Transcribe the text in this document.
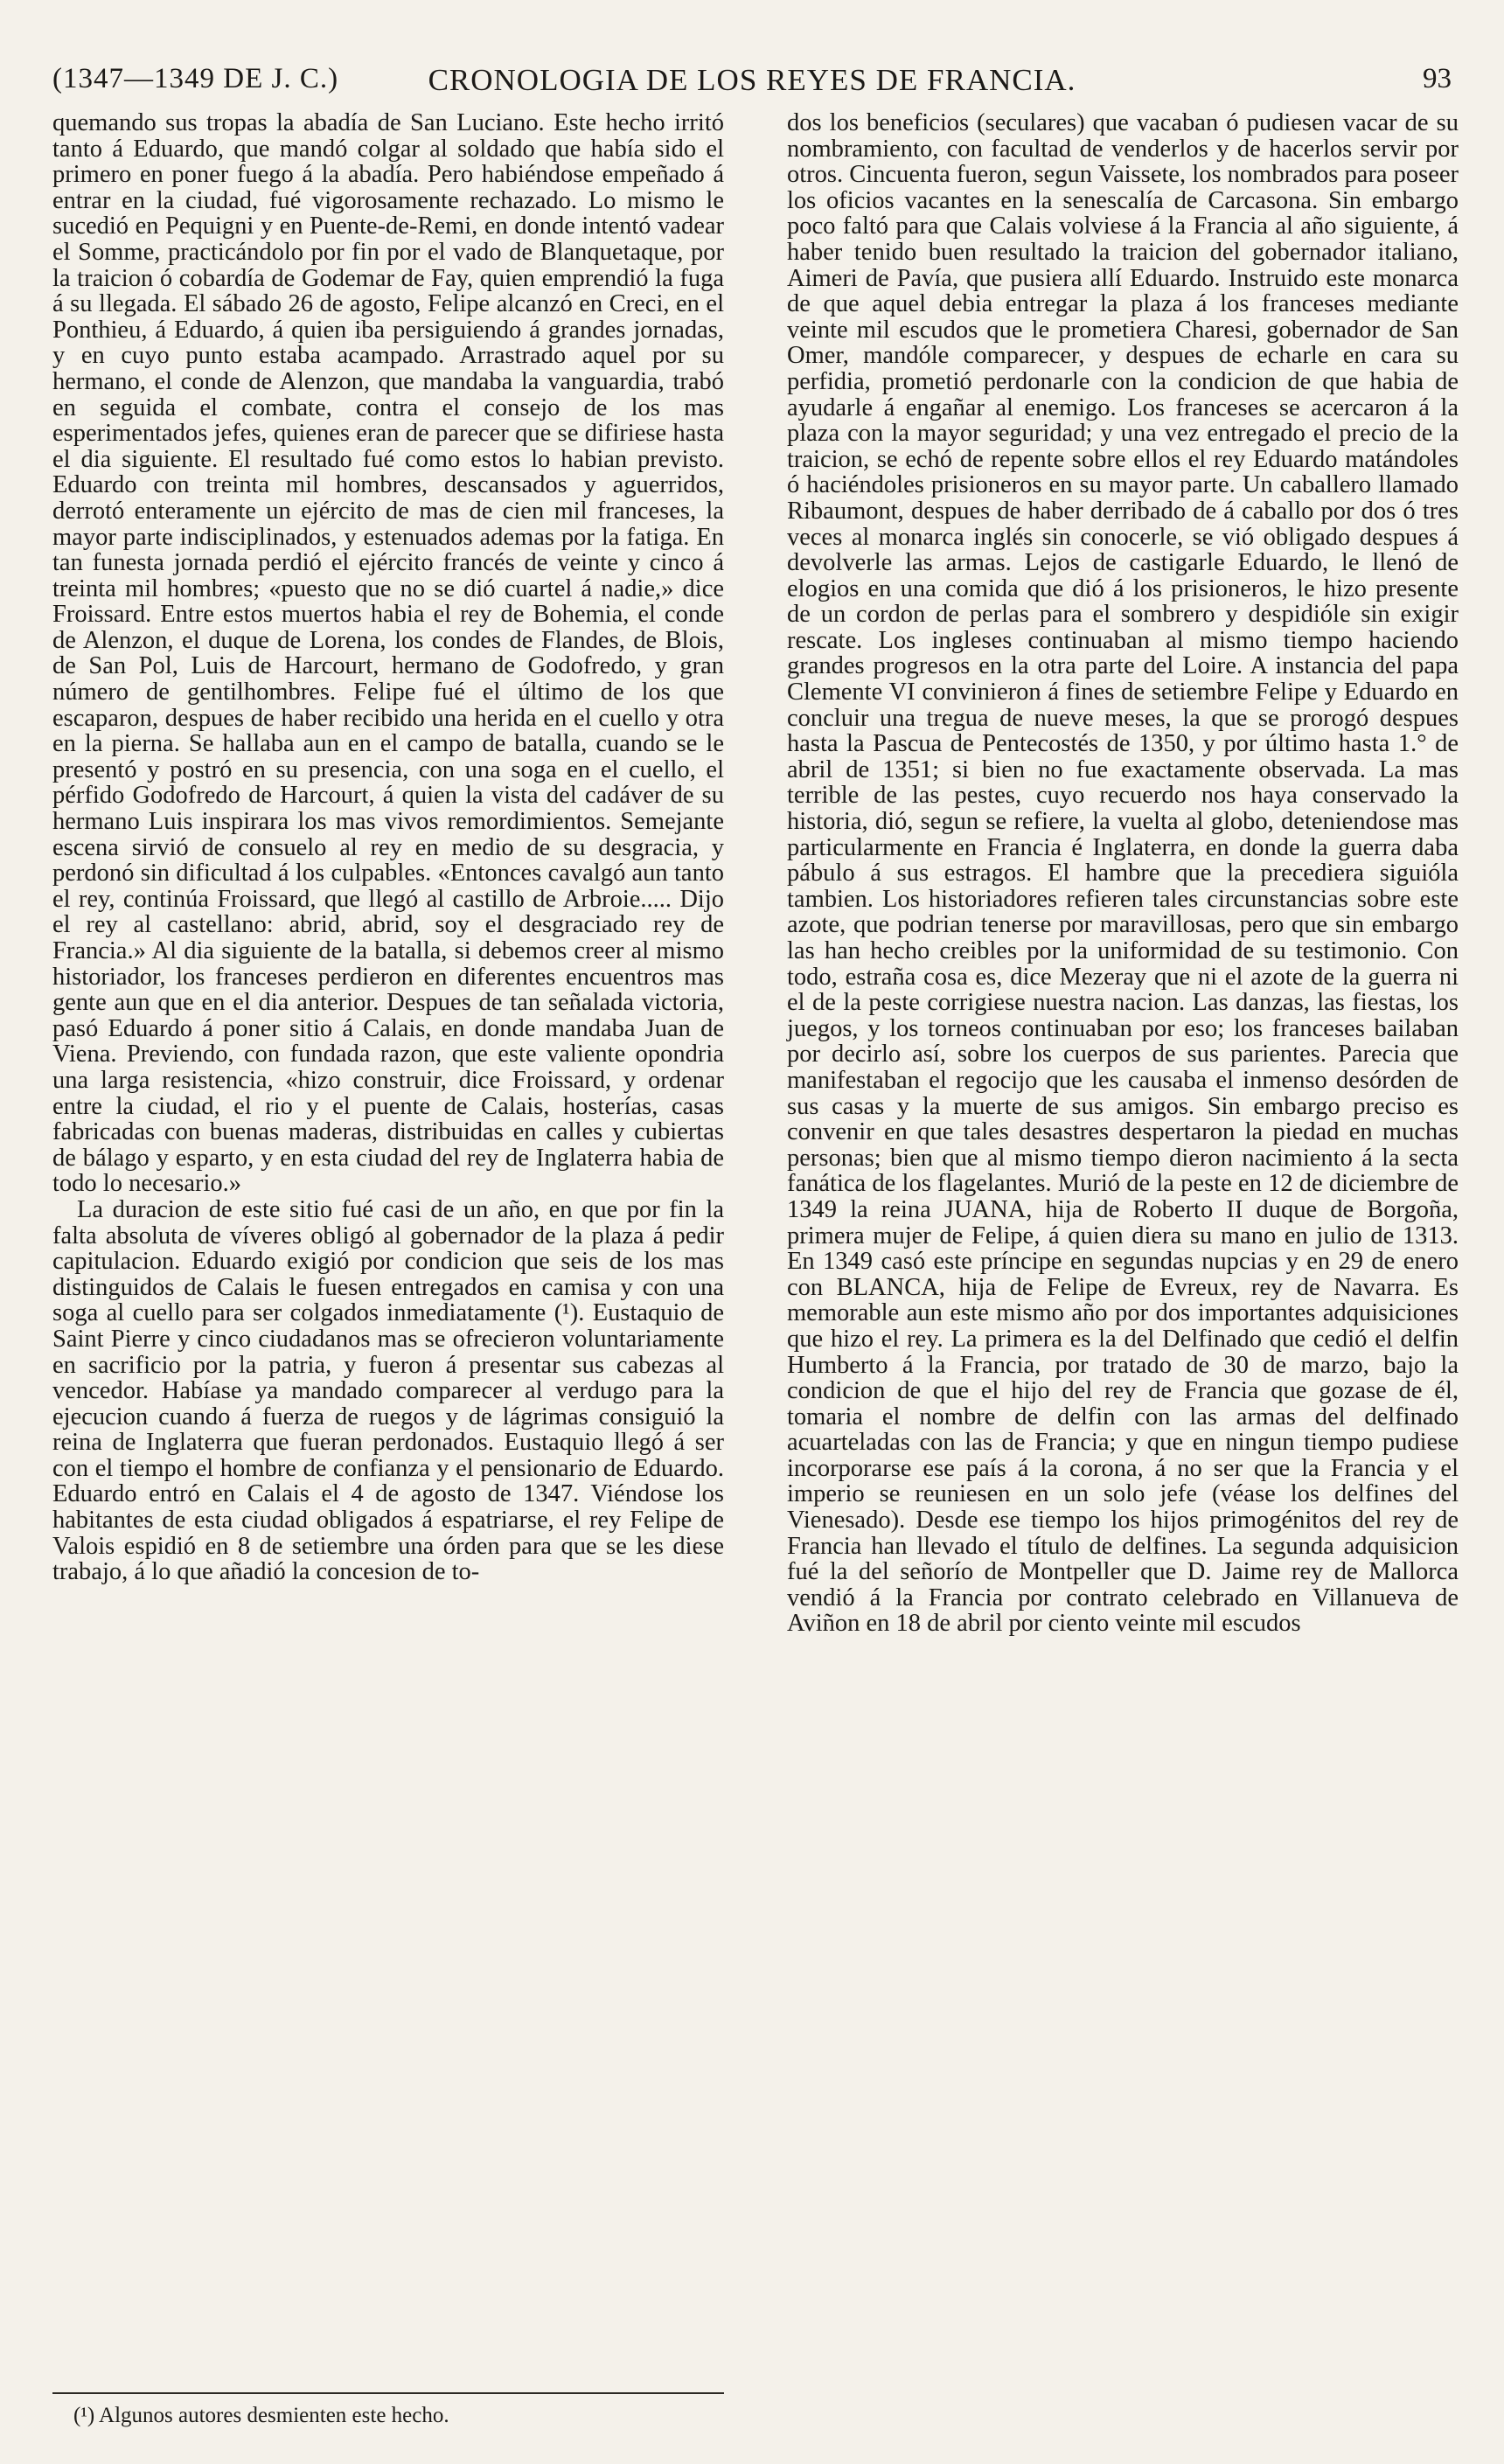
(1347—1349 DE J. C.)	CRONOLOGIA DE LOS REYES DE FRANCIA.	93

quemando sus tropas la abadía de San Luciano. Este hecho irritó tanto á Eduardo, que mandó colgar al soldado que había sido el primero en poner fuego á la abadía. Pero habiéndose empeñado á entrar en la ciudad, fué vigorosamente rechazado. Lo mismo le sucedió en Pequigni y en Puente-de-Remi, en donde intentó vadear el Somme, practicándolo por fin por el vado de Blanquetaque, por la traicion ó cobardía de Godemar de Fay, quien emprendió la fuga á su llegada. El sábado 26 de agosto, Felipe alcanzó en Creci, en el Ponthieu, á Eduardo, á quien iba persiguiendo á grandes jornadas, y en cuyo punto estaba acampado. Arrastrado aquel por su hermano, el conde de Alenzon, que mandaba la vanguardia, trabó en seguida el combate, contra el consejo de los mas esperimentados jefes, quienes eran de parecer que se difiriese hasta el dia siguiente. El resultado fué como estos lo habian previsto. Eduardo con treinta mil hombres, descansados y aguerridos, derrotó enteramente un ejército de mas de cien mil franceses, la mayor parte indisciplinados, y estenuados ademas por la fatiga. En tan funesta jornada perdió el ejército francés de veinte y cinco á treinta mil hombres; «puesto que no se dió cuartel á nadie,» dice Froissard. Entre estos muertos habia el rey de Bohemia, el conde de Alenzon, el duque de Lorena, los condes de Flandes, de Blois, de San Pol, Luis de Harcourt, hermano de Godofredo, y gran número de gentilhombres. Felipe fué el último de los que escaparon, despues de haber recibido una herida en el cuello y otra en la pierna. Se hallaba aun en el campo de batalla, cuando se le presentó y postró en su presencia, con una soga en el cuello, el pérfido Godofredo de Harcourt, á quien la vista del cadáver de su hermano Luis inspirara los mas vivos remordimientos. Semejante escena sirvió de consuelo al rey en medio de su desgracia, y perdonó sin dificultad á los culpables. «Entonces cavalgó aun tanto el rey, continúa Froissard, que llegó al castillo de Arbroie..... Dijo el rey al castellano: abrid, abrid, soy el desgraciado rey de Francia.» Al dia siguiente de la batalla, si debemos creer al mismo historiador, los franceses perdieron en diferentes encuentros mas gente aun que en el dia anterior. Despues de tan señalada victoria, pasó Eduardo á poner sitio á Calais, en donde mandaba Juan de Viena. Previendo, con fundada razon, que este valiente opondria una larga resistencia, «hizo construir, dice Froissard, y ordenar entre la ciudad, el rio y el puente de Calais, hosterías, casas fabricadas con buenas maderas, distribuidas en calles y cubiertas de bálago y esparto, y en esta ciudad del rey de Inglaterra habia de todo lo necesario.»

La duracion de este sitio fué casi de un año, en que por fin la falta absoluta de víveres obligó al gobernador de la plaza á pedir capitulacion. Eduardo exigió por condicion que seis de los mas distinguidos de Calais le fuesen entregados en camisa y con una soga al cuello para ser colgados inmediatamente (¹). Eustaquio de Saint Pierre y cinco ciudadanos mas se ofrecieron voluntariamente en sacrificio por la patria, y fueron á presentar sus cabezas al vencedor. Habíase ya mandado comparecer al verdugo para la ejecucion cuando á fuerza de ruegos y de lágrimas consiguió la reina de Inglaterra que fueran perdonados. Eustaquio llegó á ser con el tiempo el hombre de confianza y el pensionario de Eduardo. Eduardo entró en Calais el 4 de agosto de 1347. Viéndose los habitantes de esta ciudad obligados á espatriarse, el rey Felipe de Valois espidió en 8 de setiembre una órden para que se les diese trabajo, á lo que añadió la concesion de to-

dos los beneficios (seculares) que vacaban ó pudiesen vacar de su nombramiento, con facultad de venderlos y de hacerlos servir por otros. Cincuenta fueron, segun Vaissete, los nombrados para poseer los oficios vacantes en la senescalía de Carcasona. Sin embargo poco faltó para que Calais volviese á la Francia al año siguiente, á haber tenido buen resultado la traicion del gobernador italiano, Aimeri de Pavía, que pusiera allí Eduardo. Instruido este monarca de que aquel debia entregar la plaza á los franceses mediante veinte mil escudos que le prometiera Charesi, gobernador de San Omer, mandóle comparecer, y despues de echarle en cara su perfidia, prometió perdonarle con la condicion de que habia de ayudarle á engañar al enemigo. Los franceses se acercaron á la plaza con la mayor seguridad; y una vez entregado el precio de la traicion, se echó de repente sobre ellos el rey Eduardo matándoles ó haciéndoles prisioneros en su mayor parte. Un caballero llamado Ribaumont, despues de haber derribado de á caballo por dos ó tres veces al monarca inglés sin conocerle, se vió obligado despues á devolverle las armas. Lejos de castigarle Eduardo, le llenó de elogios en una comida que dió á los prisioneros, le hizo presente de un cordon de perlas para el sombrero y despidióle sin exigir rescate. Los ingleses continuaban al mismo tiempo haciendo grandes progresos en la otra parte del Loire. A instancia del papa Clemente VI convinieron á fines de setiembre Felipe y Eduardo en concluir una tregua de nueve meses, la que se prorogó despues hasta la Pascua de Pentecostés de 1350, y por último hasta 1.° de abril de 1351; si bien no fue exactamente observada. La mas terrible de las pestes, cuyo recuerdo nos haya conservado la historia, dió, segun se refiere, la vuelta al globo, deteniendose mas particularmente en Francia é Inglaterra, en donde la guerra daba pábulo á sus estragos. El hambre que la precediera siguióla tambien. Los historiadores refieren tales circunstancias sobre este azote, que podrian tenerse por maravillosas, pero que sin embargo las han hecho creibles por la uniformidad de su testimonio. Con todo, estraña cosa es, dice Mezeray que ni el azote de la guerra ni el de la peste corrigiese nuestra nacion. Las danzas, las fiestas, los juegos, y los torneos continuaban por eso; los franceses bailaban por decirlo así, sobre los cuerpos de sus parientes. Parecia que manifestaban el regocijo que les causaba el inmenso desórden de sus casas y la muerte de sus amigos. Sin embargo preciso es convenir en que tales desastres despertaron la piedad en muchas personas; bien que al mismo tiempo dieron nacimiento á la secta fanática de los flagelantes. Murió de la peste en 12 de diciembre de 1349 la reina JUANA, hija de Roberto II duque de Borgoña, primera mujer de Felipe, á quien diera su mano en julio de 1313. En 1349 casó este príncipe en segundas nupcias y en 29 de enero con BLANCA, hija de Felipe de Evreux, rey de Navarra. Es memorable aun este mismo año por dos importantes adquisiciones que hizo el rey. La primera es la del Delfinado que cedió el delfin Humberto á la Francia, por tratado de 30 de marzo, bajo la condicion de que el hijo del rey de Francia que gozase de él, tomaria el nombre de delfin con las armas del delfinado acuarteladas con las de Francia; y que en ningun tiempo pudiese incorporarse ese país á la corona, á no ser que la Francia y el imperio se reuniesen en un solo jefe (véase los delfines del Vienesado). Desde ese tiempo los hijos primogénitos del rey de Francia han llevado el título de delfines. La segunda adquisicion fué la del señorío de Montpeller que D. Jaime rey de Mallorca vendió á la Francia por contrato celebrado en Villanueva de Aviñon en 18 de abril por ciento veinte mil escudos

(¹) Algunos autores desmienten este hecho.
